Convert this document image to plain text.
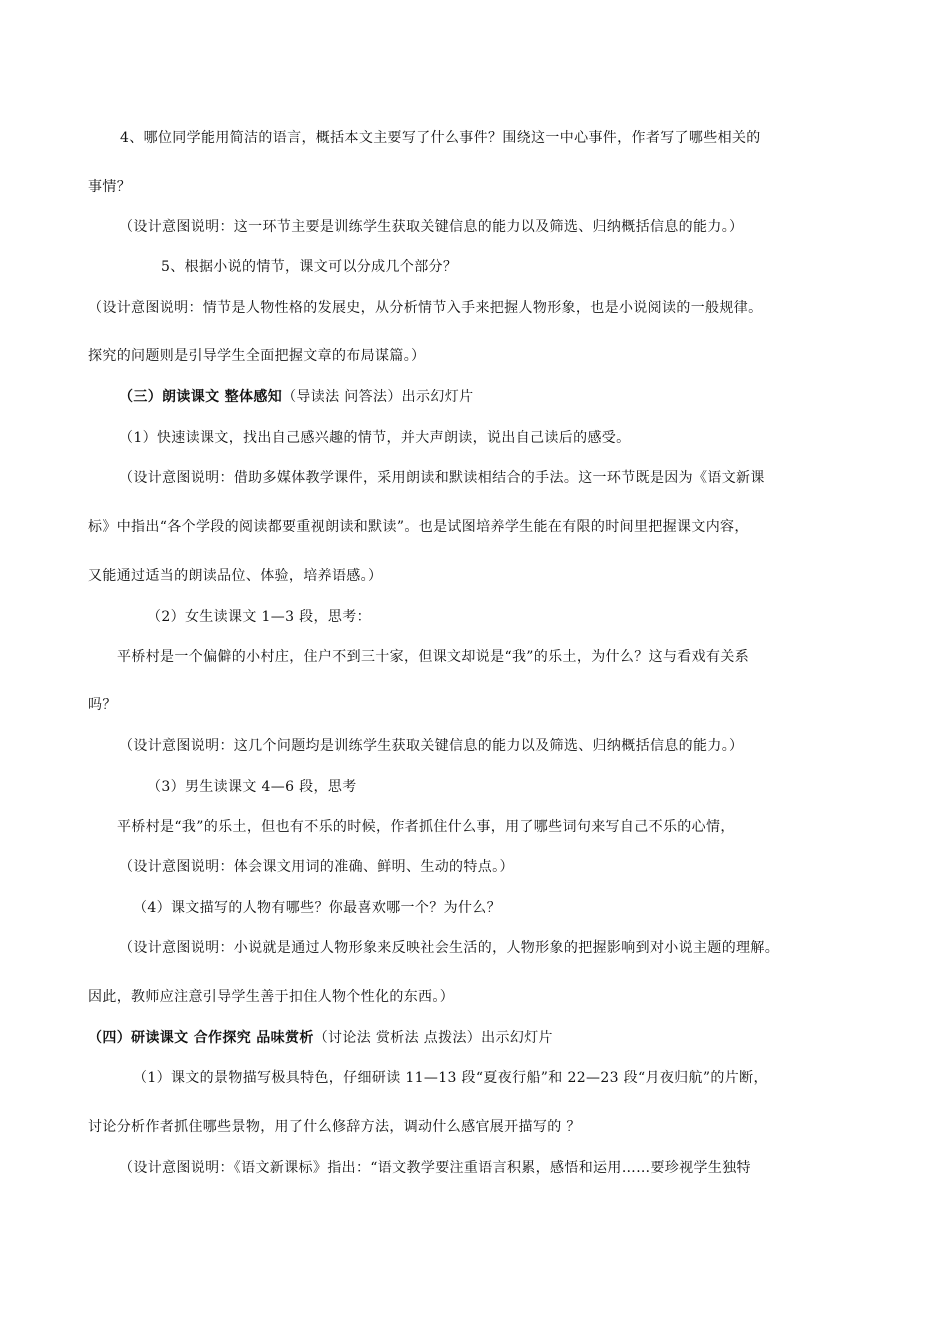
4、哪位同学能用简洁的语言，概括本文主要写了什么事件？围绕这一中心事件，作者写了哪些相关的
事情？
（设计意图说明：这一环节主要是训练学生获取关键信息的能力以及筛选、归纳概括信息的能力。）
5、根据小说的情节，课文可以分成几个部分？
（设计意图说明：情节是人物性格的发展史，从分析情节入手来把握人物形象，也是小说阅读的一般规律。
探究的问题则是引导学生全面把握文章的布局谋篇。）
（三）朗读课文 整体感知（导读法 问答法）出示幻灯片
（1）快速读课文，找出自己感兴趣的情节，并大声朗读，说出自己读后的感受。
（设计意图说明：借助多媒体教学课件，采用朗读和默读相结合的手法。这一环节既是因为《语文新课
标》中指出“各个学段的阅读都要重视朗读和默读”。也是试图培养学生能在有限的时间里把握课文内容，
又能通过适当的朗读品位、体验，培养语感。）
（2）女生读课文 1—3 段，思考：
平桥村是一个偏僻的小村庄，住户不到三十家，但课文却说是“我”的乐土，为什么？这与看戏有关系
吗？
（设计意图说明：这几个问题均是训练学生获取关键信息的能力以及筛选、归纳概括信息的能力。）
（3）男生读课文 4—6 段，思考
平桥村是“我”的乐土，但也有不乐的时候，作者抓住什么事，用了哪些词句来写自己不乐的心情，
（设计意图说明：体会课文用词的准确、鲜明、生动的特点。）
（4）课文描写的人物有哪些？你最喜欢哪一个？为什么？
（设计意图说明：小说就是通过人物形象来反映社会生活的，人物形象的把握影响到对小说主题的理解。
因此，教师应注意引导学生善于扣住人物个性化的东西。）
（四）研读课文 合作探究 品味赏析（讨论法 赏析法 点拨法）出示幻灯片
（1）课文的景物描写极具特色，仔细研读 11—13 段“夏夜行船”和 22—23 段“月夜归航”的片断，
讨论分析作者抓住哪些景物，用了什么修辞方法，调动什么感官展开描写的 ？
（设计意图说明：《语文新课标》指出：“语文教学要注重语言积累，感悟和运用……要珍视学生独特
